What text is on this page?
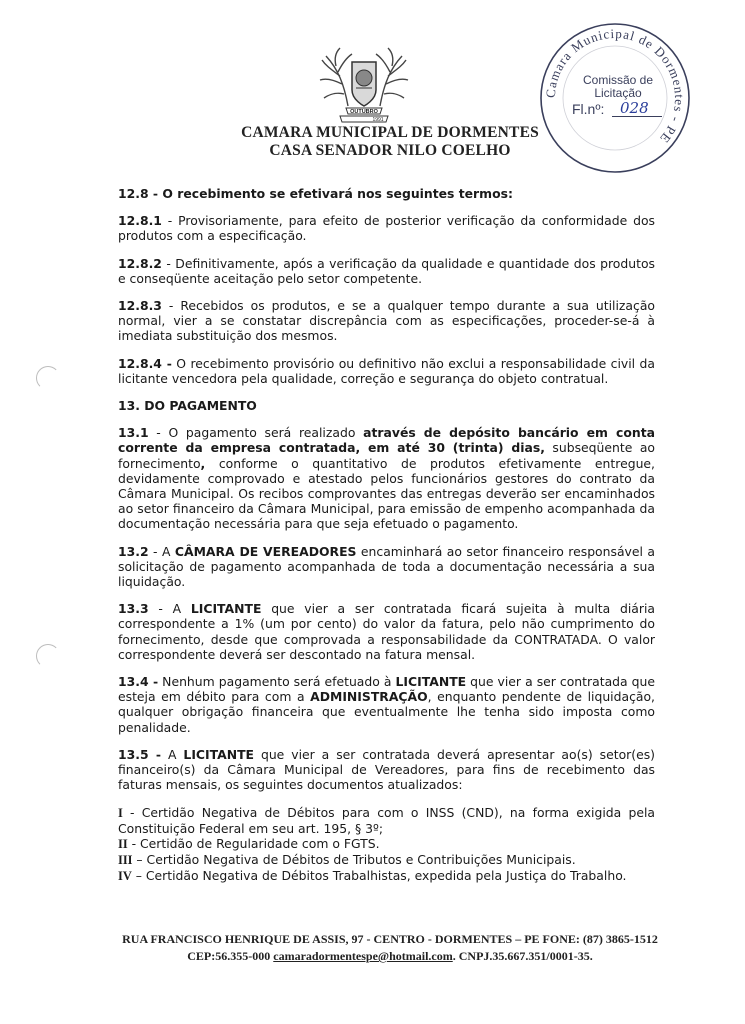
OUTUBRO
1991
CAMARA MUNICIPAL DE DORMENTES
CASA SENADOR NILO COELHO
Camara Municipal de Dormentes - PE
Comissão de
Licitação
Fl.nº: 028

12.8 - O recebimento se efetivará nos seguintes termos:

12.8.1 - Provisoriamente, para efeito de posterior verificação da conformidade dos produtos com a especificação.

12.8.2 - Definitivamente, após a verificação da qualidade e quantidade dos produtos e conseqüente aceitação pelo setor competente.

12.8.3 - Recebidos os produtos, e se a qualquer tempo durante a sua utilização normal, vier a se constatar discrepância com as especificações, proceder-se-á à imediata substituição dos mesmos.

12.8.4 - O recebimento provisório ou definitivo não exclui a responsabilidade civil da licitante vencedora pela qualidade, correção e segurança do objeto contratual.

13. DO PAGAMENTO

13.1 - O pagamento será realizado através de depósito bancário em conta corrente da empresa contratada, em até 30 (trinta) dias, subseqüente ao fornecimento, conforme o quantitativo de produtos efetivamente entregue, devidamente comprovado e atestado pelos funcionários gestores do contrato da Câmara Municipal. Os recibos comprovantes das entregas deverão ser encaminhados ao setor financeiro da Câmara Municipal, para emissão de empenho acompanhada da documentação necessária para que seja efetuado o pagamento.

13.2 - A CÂMARA DE VEREADORES encaminhará ao setor financeiro responsável a solicitação de pagamento acompanhada de toda a documentação necessária a sua liquidação.

13.3 - A LICITANTE que vier a ser contratada ficará sujeita à multa diária correspondente a 1% (um por cento) do valor da fatura, pelo não cumprimento do fornecimento, desde que comprovada a responsabilidade da CONTRATADA. O valor correspondente deverá ser descontado na fatura mensal.

13.4 - Nenhum pagamento será efetuado à LICITANTE que vier a ser contratada que esteja em débito para com a ADMINISTRAÇÃO, enquanto pendente de liquidação, qualquer obrigação financeira que eventualmente lhe tenha sido imposta como penalidade.

13.5 - A LICITANTE que vier a ser contratada deverá apresentar ao(s) setor(es) financeiro(s) da Câmara Municipal de Vereadores, para fins de recebimento das faturas mensais, os seguintes documentos atualizados:

I - Certidão Negativa de Débitos para com o INSS (CND), na forma exigida pela Constituição Federal em seu art. 195, § 3º;

II - Certidão de Regularidade com o FGTS.

III – Certidão Negativa de Débitos de Tributos e Contribuições Municipais.

IV – Certidão Negativa de Débitos Trabalhistas, expedida pela Justiça do Trabalho.

RUA FRANCISCO HENRIQUE DE ASSIS, 97 - CENTRO - DORMENTES – PE FONE: (87) 3865-1512
CEP:56.355-000 camaradormentespe@hotmail.com. CNPJ.35.667.351/0001-35.
